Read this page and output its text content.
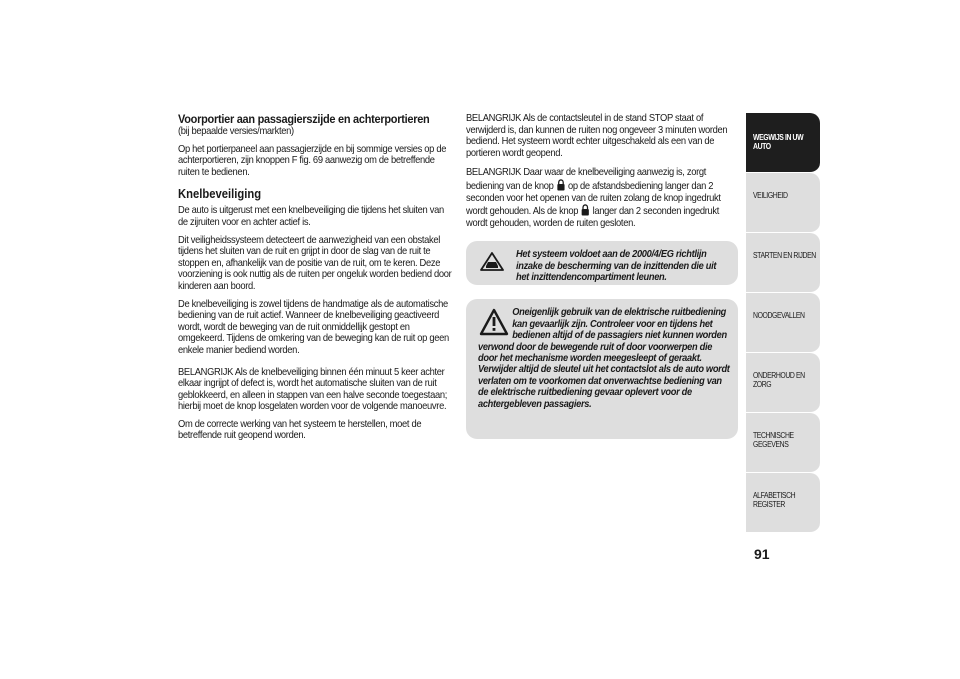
Voorportier aan passagierszijde en achterportieren
(bij bepaalde versies/markten)

Op het portierpaneel aan passagierzijde en bij sommige versies op de achterportieren, zijn knoppen F fig. 69 aanwezig om de betreffende ruiten te bedienen.

Knelbeveiliging

De auto is uitgerust met een knelbeveiliging die tijdens het sluiten van de zijruiten voor en achter actief is.

Dit veiligheidssysteem detecteert de aanwezigheid van een obstakel tijdens het sluiten van de ruit en grijpt in door de slag van de ruit te stoppen en, afhankelijk van de positie van de ruit, om te keren. Deze voorziening is ook nuttig als de ruiten per ongeluk worden bediend door kinderen aan boord.

De knelbeveiliging is zowel tijdens de handmatige als de automatische bediening van de ruit actief. Wanneer de knelbeveiliging geactiveerd wordt, wordt de beweging van de ruit onmiddellijk gestopt en omgekeerd. Tijdens de omkering van de beweging kan de ruit op geen enkele manier bediend worden.

BELANGRIJK Als de knelbeveiliging binnen één minuut 5 keer achter elkaar ingrijpt of defect is, wordt het automatische sluiten van de ruit geblokkeerd, en alleen in stappen van een halve seconde toegestaan; hierbij moet de knop losgelaten worden voor de volgende manoeuvre.

Om de correcte werking van het systeem te herstellen, moet de betreffende ruit geopend worden.

BELANGRIJK Als de contactsleutel in de stand STOP staat of verwijderd is, dan kunnen de ruiten nog ongeveer 3 minuten worden bediend. Het systeem wordt echter uitgeschakeld als een van de portieren wordt geopend.

BELANGRIJK Daar waar de knelbeveiliging aanwezig is, zorgt bediening van de knop op de afstandsbediening langer dan 2 seconden voor het openen van de ruiten zolang de knop ingedrukt wordt gehouden. Als de knop langer dan 2 seconden ingedrukt wordt gehouden, worden de ruiten gesloten.

Het systeem voldoet aan de 2000/4/EG richtlijn inzake de bescherming van de inzittenden die uit het inzittendencompartiment leunen.
Oneigenlijk gebruik van de elektrische ruitbediening kan gevaarlijk zijn. Controleer voor en tijdens het bedienen altijd of de passagiers niet kunnen worden verwond door de bewegende ruit of door voorwerpen die door het mechanisme worden meegesleept of geraakt. Verwijder altijd de sleutel uit het contactslot als de auto wordt verlaten om te voorkomen dat onverwachtse bediening van de elektrische ruitbediening gevaar oplevert voor de achtergebleven passagiers.
WEGWIJS IN UW AUTO
VEILIGHEID
STARTEN EN RIJDEN
NOODGEVALLEN
ONDERHOUD EN ZORG
TECHNISCHE GEGEVENS
ALFABETISCH REGISTER
91
